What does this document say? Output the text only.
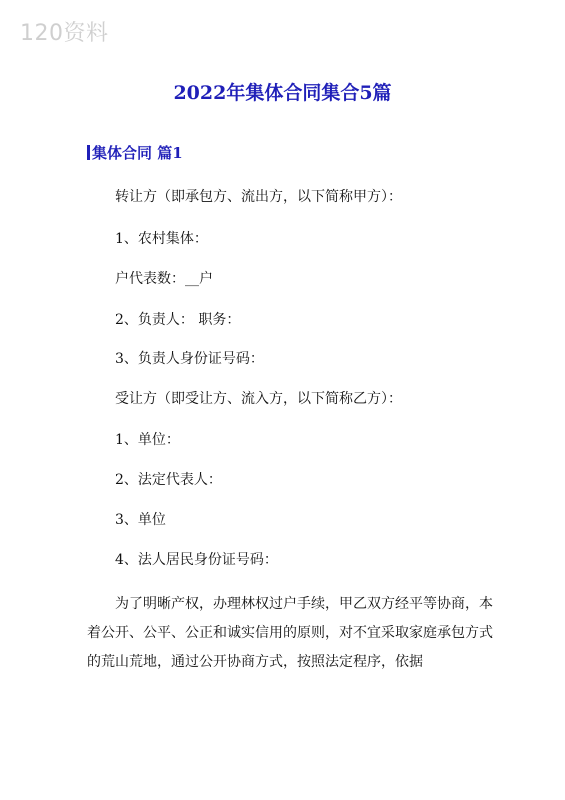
120资料
2022年集体合同集合5篇
集体合同 篇1
转让方（即承包方、流出方，以下简称甲方）：
1、农村集体：
户代表数：__户
2、负责人： 职务：
3、负责人身份证号码：
受让方（即受让方、流入方，以下简称乙方）：
1、单位：
2、法定代表人：
3、单位
4、法人居民身份证号码：
为了明晰产权，办理林权过户手续，甲乙双方经平等协商，本着公开、公平、公正和诚实信用的原则，对不宜采取家庭承包方式的荒山荒地，通过公开协商方式，按照法定程序，依据
